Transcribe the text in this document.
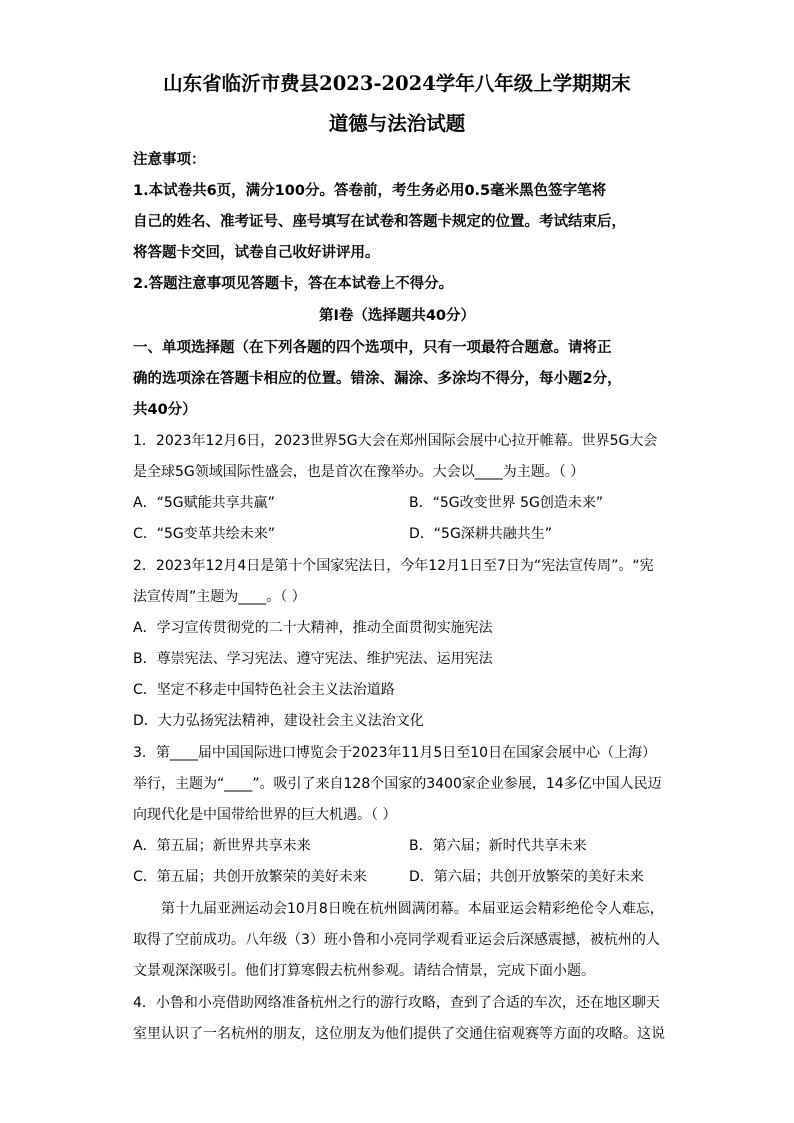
山东省临沂市费县2023-2024学年八年级上学期期末
道德与法治试题
注意事项：
1.本试卷共6页，满分100分。答卷前，考生务必用0.5毫米黑色签字笔将
自己的姓名、准考证号、座号填写在试卷和答题卡规定的位置。考试结束后，
将答题卡交回，试卷自己收好讲评用。
2.答题注意事项见答题卡，答在本试卷上不得分。
第Ⅰ卷（选择题共40分）
一、单项选择题（在下列各题的四个选项中，只有一项最符合题意。请将正
确的选项涂在答题卡相应的位置。错涂、漏涂、多涂均不得分，每小题2分，
共40分）
1．2023年12月6日，2023世界5G大会在郑州国际会展中心拉开帷幕。世界5G大会
是全球5G领域国际性盛会，也是首次在豫举办。大会以____为主题。（ ）
A．“5G赋能共享共赢”	B．“5G改变世界 5G创造未来”
C．“5G变革共绘未来”	D．“5G深耕共融共生”
2．2023年12月4日是第十个国家宪法日，今年12月1日至7日为“宪法宣传周”。“宪
法宣传周”主题为____。（ ）
A．学习宣传贯彻党的二十大精神，推动全面贯彻实施宪法
B．尊崇宪法、学习宪法、遵守宪法、维护宪法、运用宪法
C．坚定不移走中国特色社会主义法治道路
D．大力弘扬宪法精神，建设社会主义法治文化
3．第____届中国国际进口博览会于2023年11月5日至10日在国家会展中心（上海）
举行，主题为“____”。吸引了来自128个国家的3400家企业参展，14多亿中国人民迈
向现代化是中国带给世界的巨大机遇。（ ）
A．第五届；新世界共享未来	B．第六届；新时代共享未来
C．第五届；共创开放繁荣的美好未来	D．第六届；共创开放繁荣的美好未来
第十九届亚洲运动会10月8日晚在杭州圆满闭幕。本届亚运会精彩绝伦令人难忘，
取得了空前成功。八年级（3）班小鲁和小亮同学观看亚运会后深感震撼，被杭州的人
文景观深深吸引。他们打算寒假去杭州参观。请结合情景，完成下面小题。
4．小鲁和小亮借助网络准备杭州之行的游行攻略，查到了合适的车次，还在地区聊天
室里认识了一名杭州的朋友，这位朋友为他们提供了交通住宿观赛等方面的攻略。这说
